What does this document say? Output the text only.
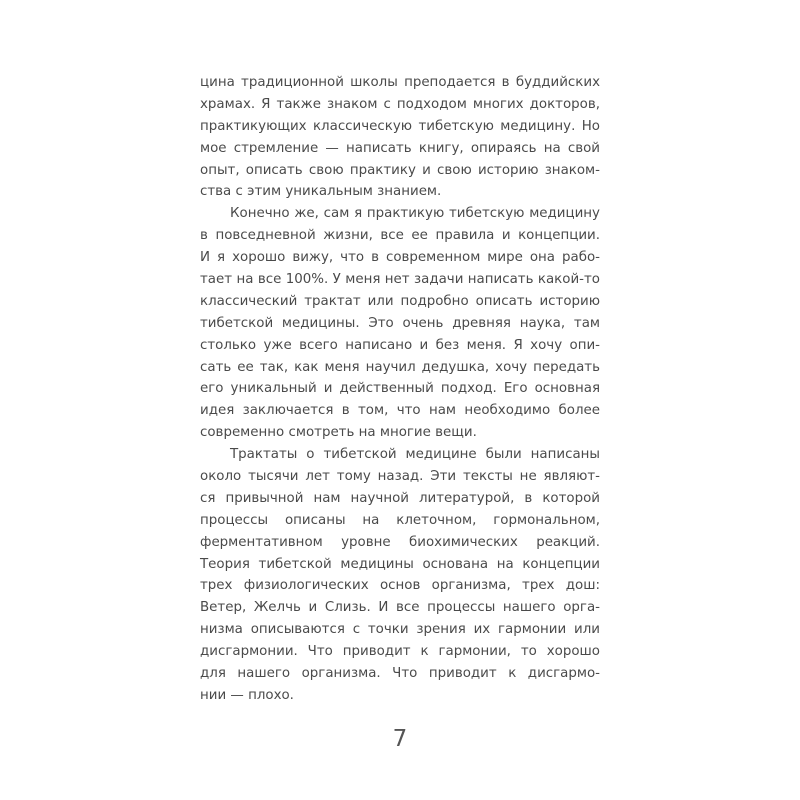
цина традиционной школы преподается в буддийских
храмах. Я также знаком с подходом многих докторов,
практикующих классическую тибетскую медицину. Но
мое стремление — написать книгу, опираясь на свой
опыт, описать свою практику и свою историю знаком-
ства с этим уникальным знанием.
Конечно же, сам я практикую тибетскую медицину
в повседневной жизни, все ее правила и концепции.
И я хорошо вижу, что в современном мире она рабо-
тает на все 100%. У меня нет задачи написать какой-то
классический трактат или подробно описать историю
тибетской медицины. Это очень древняя наука, там
столько уже всего написано и без меня. Я хочу опи-
сать ее так, как меня научил дедушка, хочу передать
его уникальный и действенный подход. Его основная
идея заключается в том, что нам необходимо более
современно смотреть на многие вещи.
Трактаты о тибетской медицине были написаны
около тысячи лет тому назад. Эти тексты не являют-
ся привычной нам научной литературой, в которой
процессы описаны на клеточном, гормональном,
ферментативном уровне биохимических реакций.
Теория тибетской медицины основана на концепции
трех физиологических основ организма, трех дош:
Ветер, Желчь и Слизь. И все процессы нашего орга-
низма описываются с точки зрения их гармонии или
дисгармонии. Что приводит к гармонии, то хорошо
для нашего организма. Что приводит к дисгармо-
нии — плохо.
7
